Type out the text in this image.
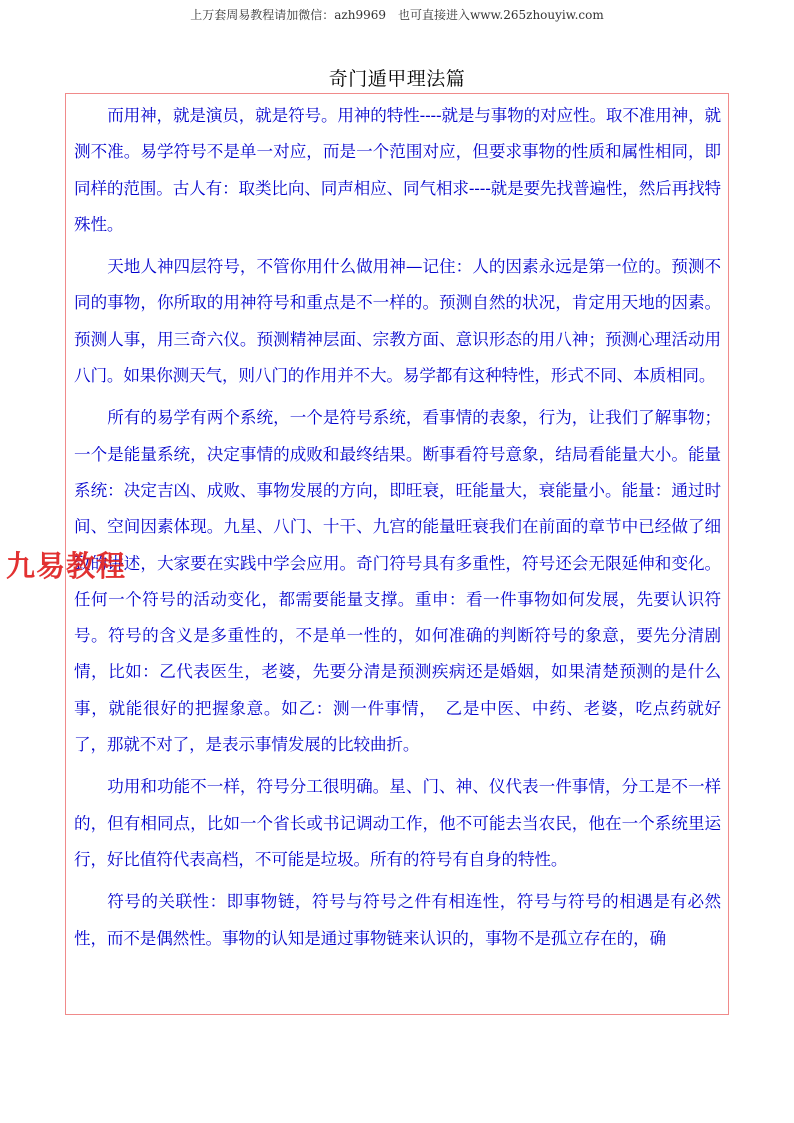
上万套周易教程请加微信：azh9969　也可直接进入www.265zhouyiw.com
奇门遁甲理法篇

而用神，就是演员，就是符号。用神的特性----就是与事物的对应性。取不准用神，就测不准。易学符号不是单一对应，而是一个范围对应，但要求事物的性质和属性相同，即同样的范围。古人有：取类比向、同声相应、同气相求----就是要先找普遍性，然后再找特殊性。

天地人神四层符号，不管你用什么做用神—记住：人的因素永远是第一位的。预测不同的事物，你所取的用神符号和重点是不一样的。预测自然的状况，肯定用天地的因素。预测人事，用三奇六仪。预测精神层面、宗教方面、意识形态的用八神；预测心理活动用八门。如果你测天气，则八门的作用并不大。易学都有这种特性，形式不同、本质相同。

所有的易学有两个系统，一个是符号系统，看事情的表象，行为，让我们了解事物；一个是能量系统，决定事情的成败和最终结果。断事看符号意象，结局看能量大小。能量系统：决定吉凶、成败、事物发展的方向，即旺衰，旺能量大，衰能量小。能量：通过时间、空间因素体现。九星、八门、十干、九宫的能量旺衰我们在前面的章节中已经做了细致的讲述，大家要在实践中学会应用。奇门符号具有多重性，符号还会无限延伸和变化。任何一个符号的活动变化，都需要能量支撑。重申：看一件事物如何发展，先要认识符号。符号的含义是多重性的，不是单一性的，如何准确的判断符号的象意，要先分清剧情，比如：乙代表医生，老婆，先要分清是预测疾病还是婚姻，如果清楚预测的是什么事，就能很好的把握象意。如乙：测一件事情，　乙是中医、中药、老婆，吃点药就好了，那就不对了，是表示事情发展的比较曲折。

功用和功能不一样，符号分工很明确。星、门、神、仪代表一件事情，分工是不一样的，但有相同点，比如一个省长或书记调动工作，他不可能去当农民，他在一个系统里运行，好比值符代表高档，不可能是垃圾。所有的符号有自身的特性。

符号的关联性：即事物链，符号与符号之件有相连性，符号与符号的相遇是有必然性，而不是偶然性。事物的认知是通过事物链来认识的，事物不是孤立存在的，确

九易教程
